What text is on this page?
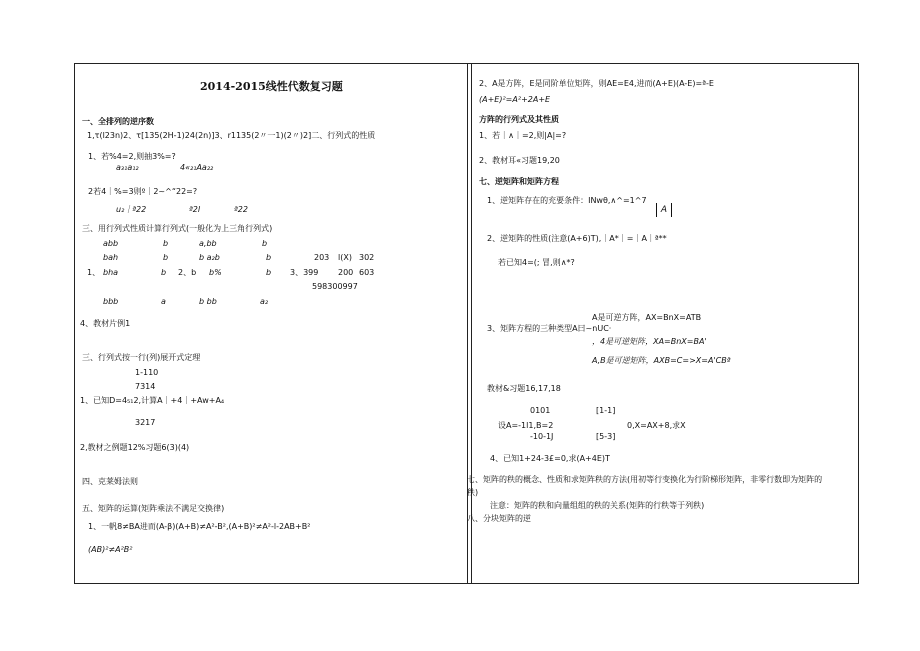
2014-2015线性代数复习题
一、全排列的逆序数
1,τ(l23n)2、τ[135(2H-1)24(2n)]3、r1135(2〃一1)(2〃)2]二、行列式的性质
1、若%4=2,则抽3%=?
a₃₁a₁₂	4«₂₁Aa₂₂
2若4｜%=3则º｜2~^“22=?
u₂｜ª22	ª2l	ª22
三、用行列式性质计算行列式(一般化为上三角行列式)
abb	b	a,bb	b
bah	b	b a₂b	b	203 l(X) 302
1、 bha	b 2、b b%	b 3、399 200 603
598300997
bbb	a	b bb	a₂
4、教材片例1
三、行列式按一行(列)展开式定理
1-110
7314
1、已知D=4₅₁2,计算A｜+4｜+Aw+A₄
3217
2,教材之例题12%习题6(3)(4)
四、克莱姆法则
五、矩阵的运算(矩阵乘法不满足交换律)
1、一帆8≠BA进而(A-β)(A+B)≠A²-B²,(A+B)²≠A²-l-2AB+B²
(AB)²≠A²B²
2、A是方阵，E是同阶单位矩阵，则AE=E4,进而(A+E)(A-E)=ª-E
(A+E)²=A²+2A+E
方阵的行列式及其性质
1、若｜∧｜=2,则|A|=?
2、教材耳«习题19,20
七、逆矩阵和矩阵方程
1、逆矩阵存在的充要条件：INwθ,∧^=1^7
A
2、逆矩阵的性质(注意(A+6)T),｜A*｜=｜A｜ª**
若已知4=(; 冒,则∧*?
A是可逆方阵，AX=BnX=ATB
3、矩阵方程的三种类型A曰~nUC·
，4是可逆矩阵，XA=BnX=BA'
A,B是可逆矩阵，AXB=C=>X=A'CBª
教材&习题16,17,18
0101	[1-1]
设A=-1l1,B=2	0,X=AX+8,求X
-10-1J	[5-3]
4、已知1+24-3£=0,求(A+4E)T
七、矩阵的秩的概念、性质和求矩阵秩的方法(用初等行变换化为行阶梯形矩阵，非零行数即为矩阵的
秩)
注意：矩阵的秩和向量组组的秩的关系(矩阵的行秩等于列秩)
八、分块矩阵的逆
